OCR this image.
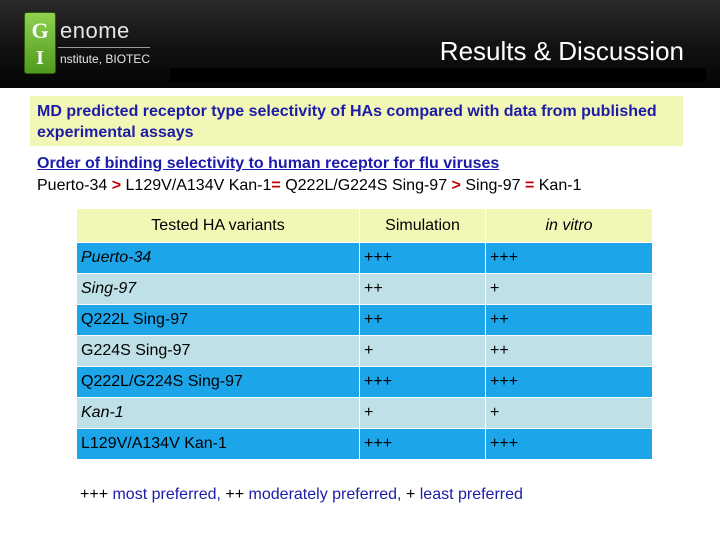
G
I
enome
nstitute, BIOTEC	Results & Discussion
MD predicted receptor type selectivity of HAs compared with data from published experimental assays
Order of binding selectivity to human receptor for flu viruses
Puerto-34 > L129V/A134V Kan-1= Q222L/G224S Sing-97 > Sing-97 = Kan-1
Tested HA variants	Simulation	in vitro
Puerto-34	+++	+++
Sing-97	++	+
Q222L Sing-97	++	++
G224S Sing-97	+	++
Q222L/G224S Sing-97	+++	+++
Kan-1	+	+
L129V/A134V Kan-1	+++	+++
+++ most preferred, ++ moderately preferred, + least preferred
